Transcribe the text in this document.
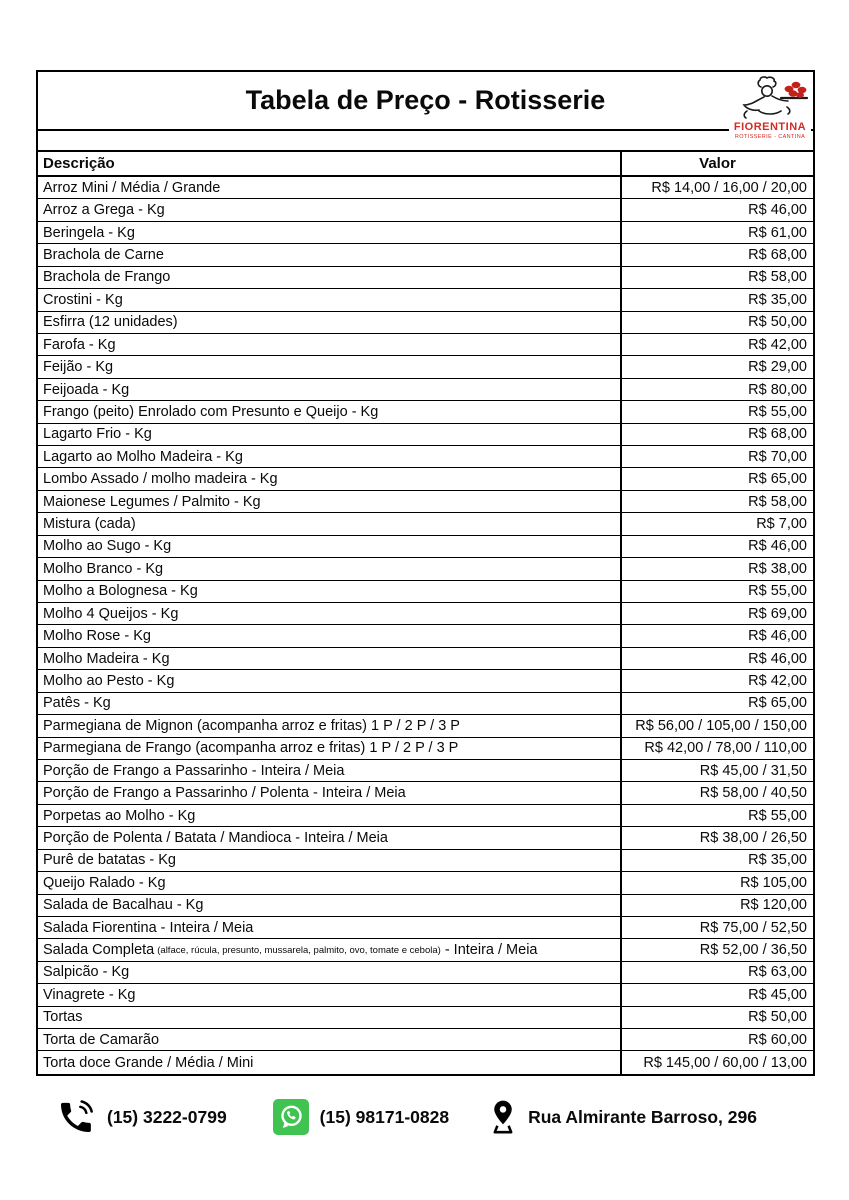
Tabela de Preço - Rotisserie
FIORENTINA
ROTISSERIE - CANTINA
Descrição	Valor
Arroz Mini / Média / Grande	R$ 14,00 / 16,00 / 20,00
Arroz a Grega - Kg	R$ 46,00
Beringela - Kg	R$ 61,00
Brachola de Carne	R$ 68,00
Brachola de Frango	R$ 58,00
Crostini - Kg	R$ 35,00
Esfirra (12 unidades)	R$ 50,00
Farofa - Kg	R$ 42,00
Feijão - Kg	R$ 29,00
Feijoada - Kg	R$ 80,00
Frango (peito) Enrolado com Presunto e Queijo - Kg	R$ 55,00
Lagarto Frio - Kg	R$ 68,00
Lagarto ao Molho Madeira - Kg	R$ 70,00
Lombo Assado / molho madeira - Kg	R$ 65,00
Maionese Legumes / Palmito - Kg	R$ 58,00
Mistura (cada)	R$ 7,00
Molho ao Sugo - Kg	R$ 46,00
Molho Branco - Kg	R$ 38,00
Molho a Bolognesa - Kg	R$ 55,00
Molho 4 Queijos - Kg	R$ 69,00
Molho Rose - Kg	R$ 46,00
Molho Madeira - Kg	R$ 46,00
Molho ao Pesto - Kg	R$ 42,00
Patês - Kg	R$ 65,00
Parmegiana de Mignon (acompanha arroz e fritas) 1 P / 2 P / 3 P	R$ 56,00 / 105,00 / 150,00
Parmegiana de Frango (acompanha arroz e fritas) 1 P / 2 P / 3 P	R$ 42,00 / 78,00 / 110,00
Porção de Frango a Passarinho - Inteira / Meia	R$ 45,00 / 31,50
Porção de Frango a Passarinho / Polenta - Inteira / Meia	R$ 58,00 / 40,50
Porpetas ao Molho - Kg	R$ 55,00
Porção de Polenta / Batata / Mandioca - Inteira / Meia	R$ 38,00 / 26,50
Purê de batatas - Kg	R$ 35,00
Queijo Ralado - Kg	R$ 105,00
Salada de Bacalhau - Kg	R$ 120,00
Salada Fiorentina - Inteira / Meia	R$ 75,00 / 52,50
Salada Completa (alface, rúcula, presunto, mussarela, palmito, ovo, tomate e cebola) - Inteira / Meia	R$ 52,00 / 36,50
Salpicão - Kg	R$ 63,00
Vinagrete - Kg	R$ 45,00
Tortas	R$ 50,00
Torta de Camarão	R$ 60,00
Torta doce Grande / Média / Mini	R$ 145,00 / 60,00 / 13,00
(15) 3222-0799	(15) 98171-0828	Rua Almirante Barroso, 296
